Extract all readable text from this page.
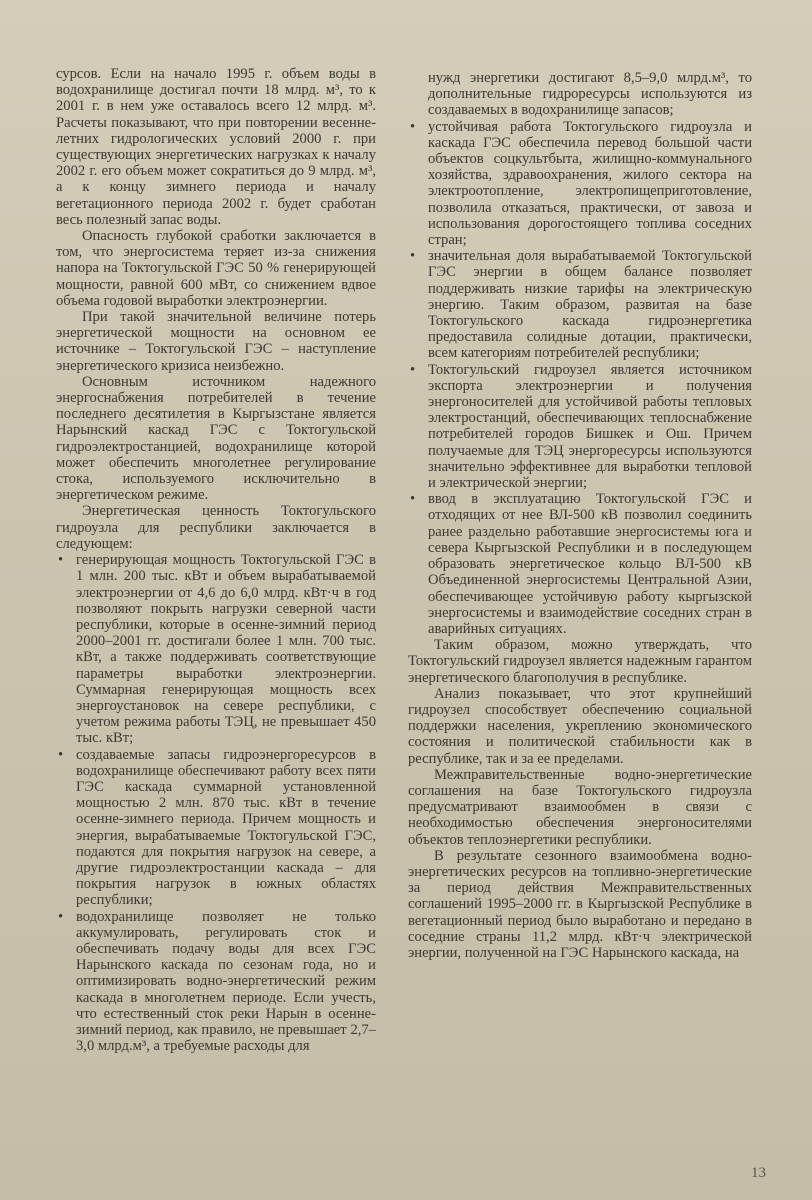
сурсов. Если на начало 1995 г. объем воды в водохранилище достигал почти 18 млрд. м³, то к 2001 г. в нем уже оставалось всего 12 млрд. м³. Расчеты показывают, что при повторении весенне-летних гидрологических условий 2000 г. при существующих энергетических нагрузках к началу 2002 г. его объем может сократиться до 9 млрд. м³, а к концу зимнего периода и началу вегетационного периода 2002 г. будет сработан весь полезный запас воды.

Опасность глубокой сработки заключается в том, что энергосистема теряет из-за снижения напора на Токтогульской ГЭС 50 % генерирующей мощности, равной 600 мВт, со снижением вдвое объема годовой выработки электроэнергии.

При такой значительной величине потерь энергетической мощности на основном ее источнике – Токтогульской ГЭС – наступление энергетического кризиса неизбежно.

Основным источником надежного энергоснабжения потребителей в течение последнего десятилетия в Кыргызстане является Нарынский каскад ГЭС с Токтогульской гидроэлектростанцией, водохранилище которой может обеспечить многолетнее регулирование стока, используемого исключительно в энергетическом режиме.

Энергетическая ценность Токтогульского гидроузла для республики заключается в следующем:

• генерирующая мощность Токтогульской ГЭС в 1 млн. 200 тыс. кВт и объем вырабатываемой электроэнергии от 4,6 до 6,0 млрд. кВт·ч в год позволяют покрыть нагрузки северной части республики, которые в осенне-зимний период 2000–2001 гг. достигали более 1 млн. 700 тыс. кВт, а также поддерживать соответствующие параметры выработки электроэнергии. Суммарная генерирующая мощность всех энергоустановок на севере республики, с учетом режима работы ТЭЦ, не превышает 450 тыс. кВт;
• создаваемые запасы гидроэнергоресурсов в водохранилище обеспечивают работу всех пяти ГЭС каскада суммарной установленной мощностью 2 млн. 870 тыс. кВт в течение осенне-зимнего периода. Причем мощность и энергия, вырабатываемые Токтогульской ГЭС, подаются для покрытия нагрузок на севере, а другие гидроэлектростанции каскада – для покрытия нагрузок в южных областях республики;
• водохранилище позволяет не только аккумулировать, регулировать сток и обеспечивать подачу воды для всех ГЭС Нарынского каскада по сезонам года, но и оптимизировать водно-энергетический режим каскада в многолетнем периоде. Если учесть, что естественный сток реки Нарын в осенне-зимний период, как правило, не превышает 2,7–3,0 млрд.м³, а требуемые расходы для

нужд энергетики достигают 8,5–9,0 млрд.м³, то дополнительные гидроресурсы используются из создаваемых в водохранилище запасов;

• устойчивая работа Токтогульского гидроузла и каскада ГЭС обеспечила перевод большой части объектов соцкультбыта, жилищно-коммунального хозяйства, здравоохранения, жилого сектора на электроотопление, электропищеприготовление, позволила отказаться, практически, от завоза и использования дорогостоящего топлива соседних стран;
• значительная доля вырабатываемой Токтогульской ГЭС энергии в общем балансе позволяет поддерживать низкие тарифы на электрическую энергию. Таким образом, развитая на базе Токтогульского каскада гидроэнергетика предоставила солидные дотации, практически, всем категориям потребителей республики;
• Токтогульский гидроузел является источником экспорта электроэнергии и получения энергоносителей для устойчивой работы тепловых электростанций, обеспечивающих теплоснабжение потребителей городов Бишкек и Ош. Причем получаемые для ТЭЦ энергоресурсы используются значительно эффективнее для выработки тепловой и электрической энергии;
• ввод в эксплуатацию Токтогульской ГЭС и отходящих от нее ВЛ-500 кВ позволил соединить ранее раздельно работавшие энергосистемы юга и севера Кыргызской Республики и в последующем образовать энергетическое кольцо ВЛ-500 кВ Объединенной энергосистемы Центральной Азии, обеспечивающее устойчивую работу кыргызской энергосистемы и взаимодействие соседних стран в аварийных ситуациях.

Таким образом, можно утверждать, что Токтогульский гидроузел является надежным гарантом энергетического благополучия в республике.

Анализ показывает, что этот крупнейший гидроузел способствует обеспечению социальной поддержки населения, укреплению экономического состояния и политической стабильности как в республике, так и за ее пределами.

Межправительственные водно-энергетические соглашения на базе Токтогульского гидроузла предусматривают взаимообмен в связи с необходимостью обеспечения энергоносителями объектов теплоэнергетики республики.

В результате сезонного взаимообмена водно-энергетических ресурсов на топливно-энергетические за период действия Межправительственных соглашений 1995–2000 гг. в Кыргызской Республике в вегетационный период было выработано и передано в соседние страны 11,2 млрд. кВт·ч электрической энергии, полученной на ГЭС Нарынского каскада, на

13
